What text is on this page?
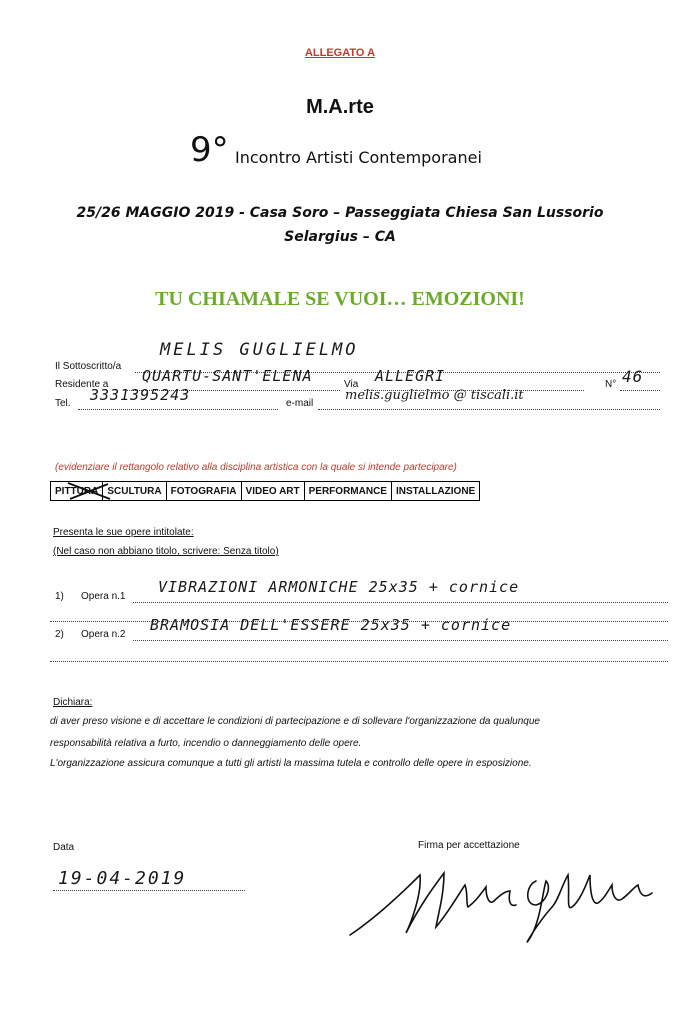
ALLEGATO A
M.A.rte
9° Incontro Artisti Contemporanei
25/26 MAGGIO 2019 - Casa Soro – Passeggiata Chiesa San Lussorio
Selargius – CA
TU CHIAMALE SE VUOI… EMOZIONI!
Il Sottoscritto/a
MELIS GUGLIELMO
Residente a QUARTU-SANT'ELENA	Via ALLEGRI	N° 46
Tel. 3331395243	e-mail
melis.guglielmo @ tiscali.it
(evidenziare il rettangolo relativo alla disciplina artistica con la quale si intende partecipare)
PITTURA	SCULTURA	FOTOGRAFIA	VIDEO ART	PERFORMANCE	INSTALLAZIONE
Presenta le sue opere intitolate:
(Nel caso non abbiano titolo, scrivere: Senza titolo)
1) Opera n.1
VIBRAZIONI ARMONICHE 25x35 + cornice
2) Opera n.2
BRAMOSIA DELL'ESSERE 25x35 + cornice
Dichiara:
di aver preso visione e di accettare le condizioni di partecipazione e di sollevare l'organizzazione da qualunque
responsabilità relativa a furto, incendio o danneggiamento delle opere.
L'organizzazione assicura comunque a tutti gli artisti la massima tutela e controllo delle opere in esposizione.
Data
19-04-2019
Firma per accettazione
